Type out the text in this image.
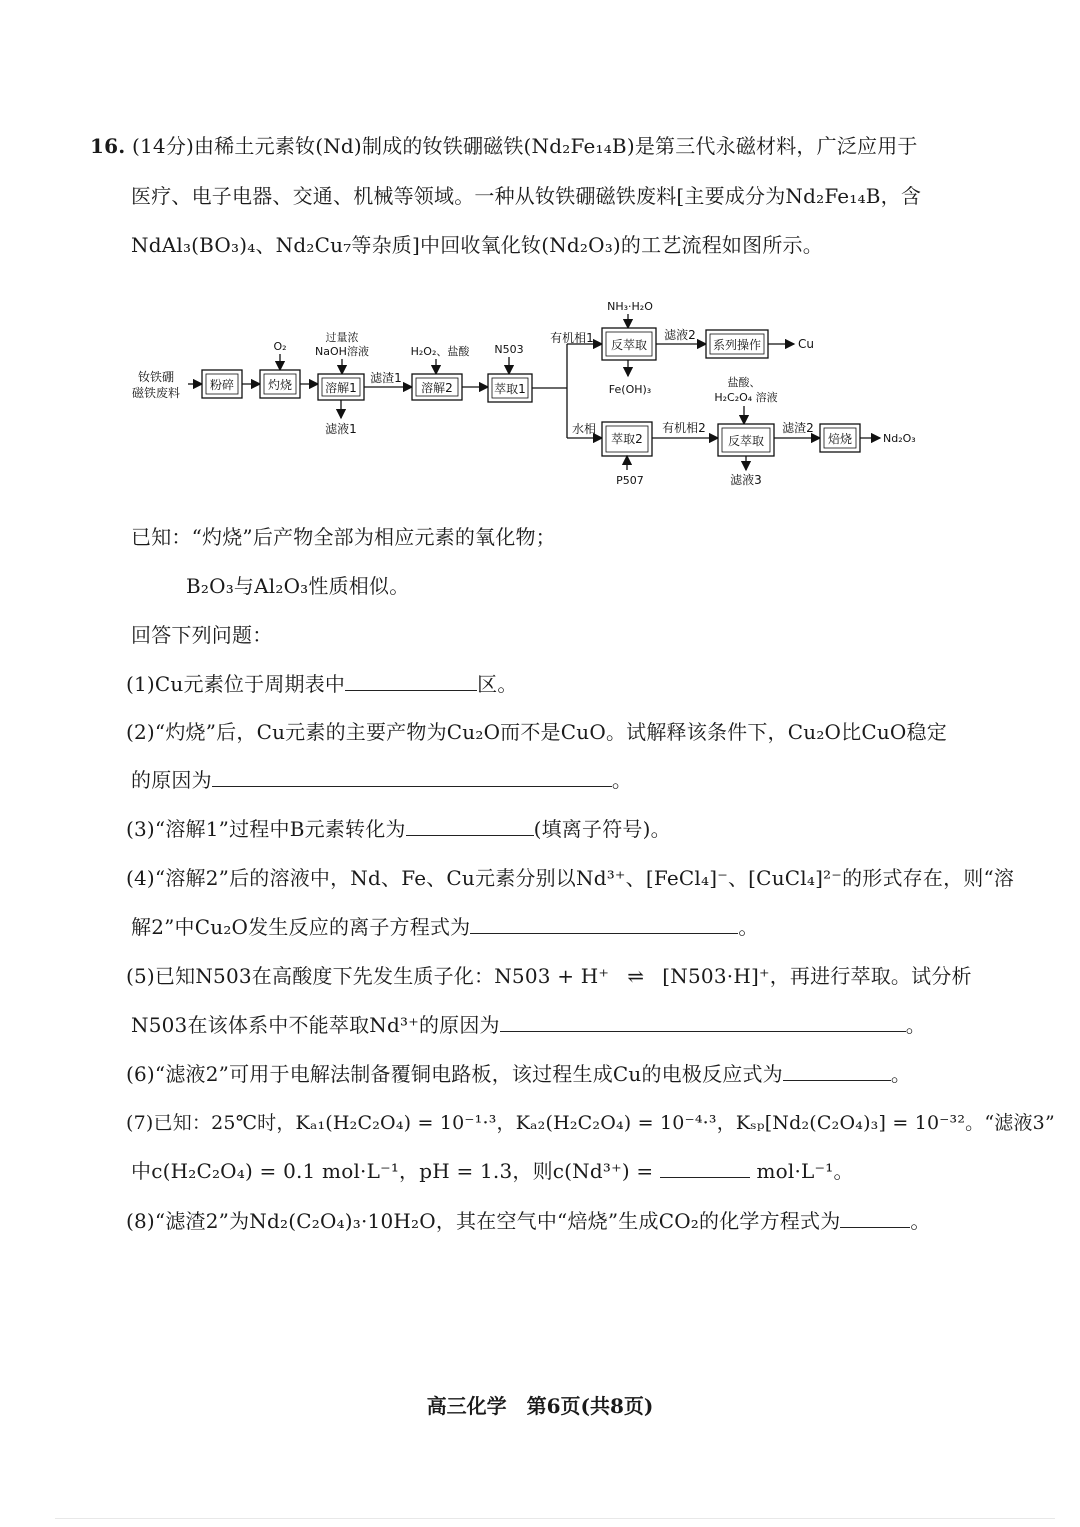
16. (14分)由稀土元素钕(Nd)制成的钕铁硼磁铁(Nd₂Fe₁₄B)是第三代永磁材料，广泛应用于
医疗、电子电器、交通、机械等领域。一种从钕铁硼磁铁废料[主要成分为Nd₂Fe₁₄B，含
NdAl₃(BO₃)₄、Nd₂Cu₇等杂质]中回收氧化钕(Nd₂O₃)的工艺流程如图所示。
钕铁硼
磁铁废料
粉碎
O₂
灼烧
过量浓
NaOH溶液
溶解1
滤液1
滤渣1
H₂O₂、盐酸
溶解2
N503
萃取1
有机相1
NH₃·H₂O
反萃取
Fe(OH)₃
滤液2
系列操作	Cu
水相
萃取2
P507
有机相2
盐酸、
H₂C₂O₄ 溶液
反萃取
滤液3
滤渣2
焙烧	Nd₂O₃
已知：“灼烧”后产物全部为相应元素的氧化物；
B₂O₃与Al₂O₃性质相似。
回答下列问题：
(1)Cu元素位于周期表中	区。
(2)“灼烧”后，Cu元素的主要产物为Cu₂O而不是CuO。试解释该条件下，Cu₂O比CuO稳定
的原因为	。
(3)“溶解1”过程中B元素转化为	(填离子符号)。
(4)“溶解2”后的溶液中，Nd、Fe、Cu元素分别以Nd³⁺、[FeCl₄]⁻、[CuCl₄]²⁻的形式存在，则“溶
解2”中Cu₂O发生反应的离子方程式为	。
(5)已知N503在高酸度下先发生质子化：N503 + H⁺ ⇌ [N503·H]⁺，再进行萃取。试分析
N503在该体系中不能萃取Nd³⁺的原因为	。
(6)“滤液2”可用于电解法制备覆铜电路板，该过程生成Cu的电极反应式为	。
(7)已知：25℃时，Kₐ₁(H₂C₂O₄) = 10⁻¹·³，Kₐ₂(H₂C₂O₄) = 10⁻⁴·³，Kₛₚ[Nd₂(C₂O₄)₃] = 10⁻³²。“滤液3”
中c(H₂C₂O₄) = 0.1 mol·L⁻¹，pH = 1.3，则c(Nd³⁺) =	mol·L⁻¹。
(8)“滤渣2”为Nd₂(C₂O₄)₃·10H₂O，其在空气中“焙烧”生成CO₂的化学方程式为	。
高三化学　第6页(共8页)
